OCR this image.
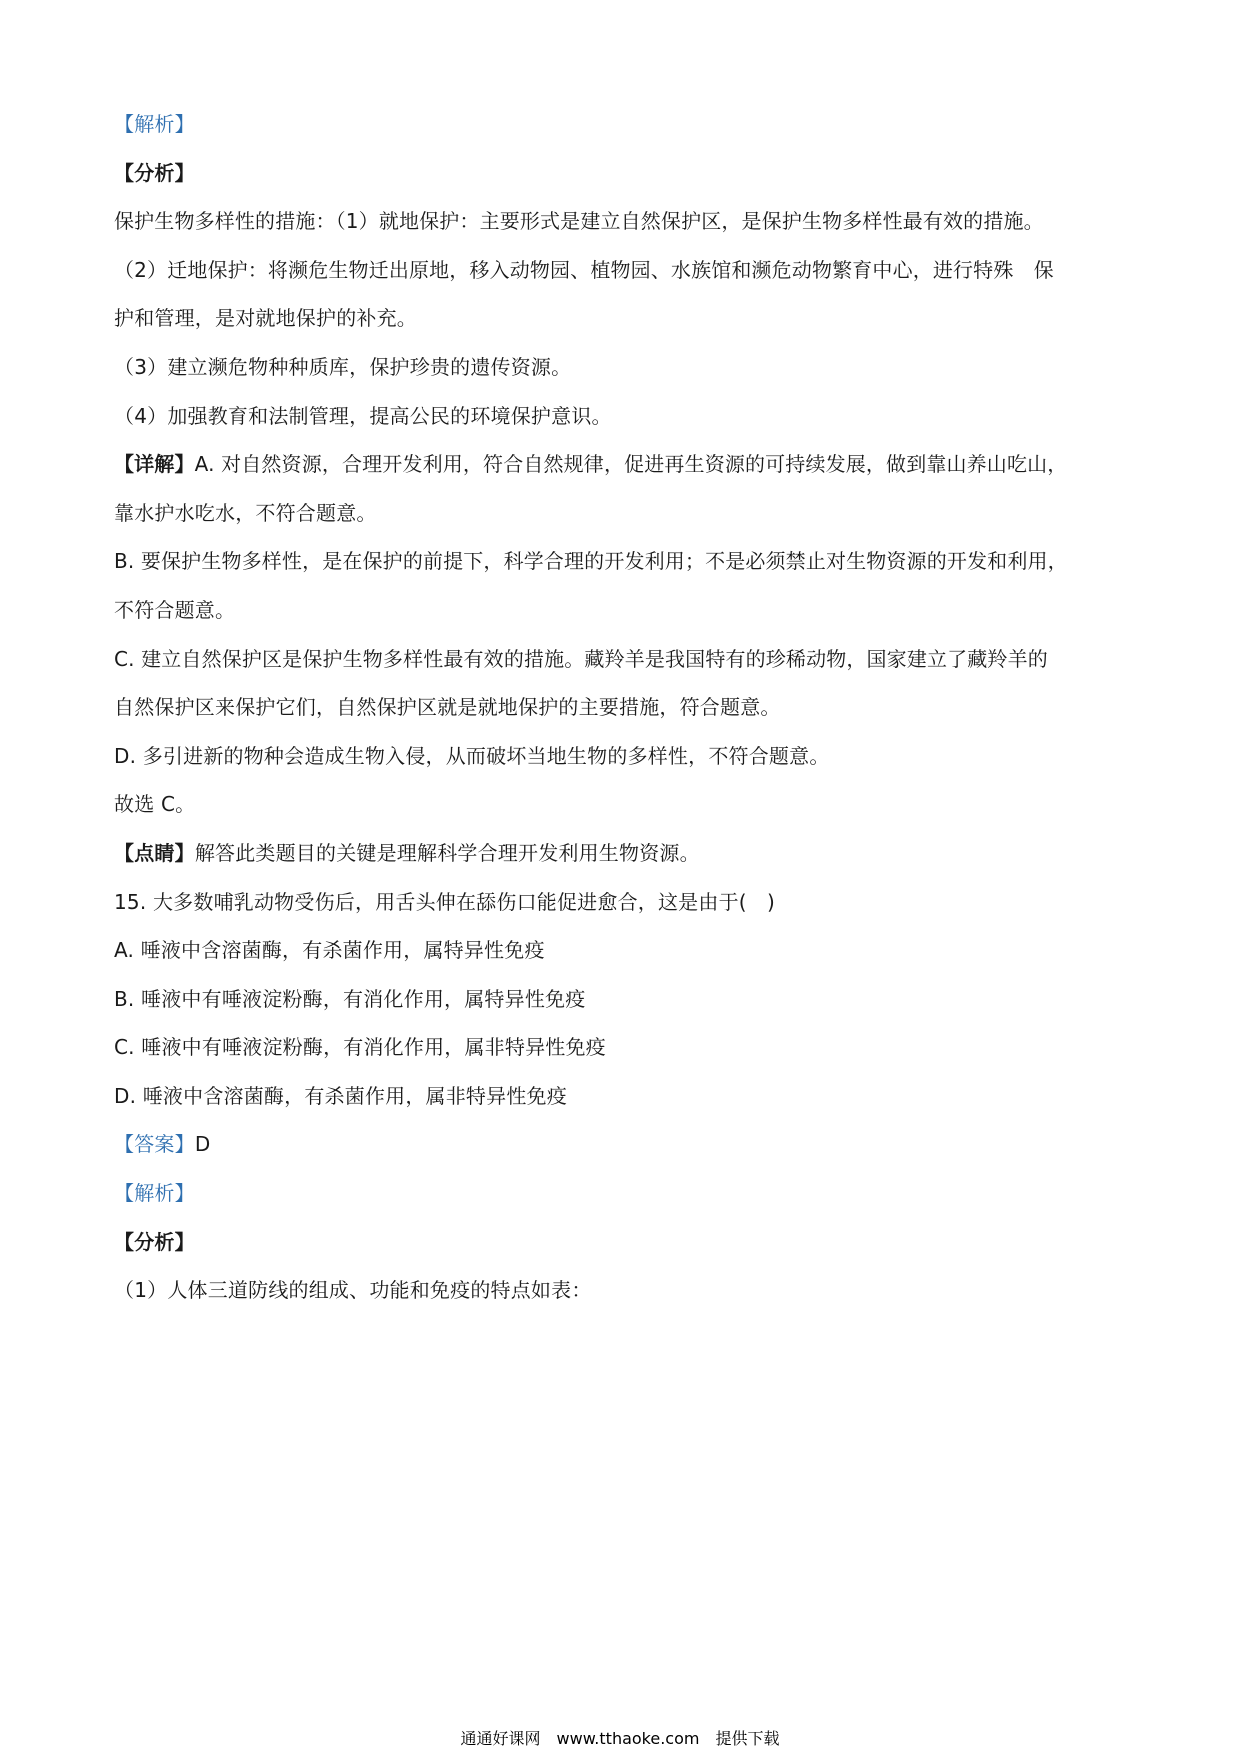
【解析】
【分析】
保护生物多样性的措施：（1）就地保护：主要形式是建立自然保护区，是保护生物多样性最有效的措施。
（2）迁地保护：将濒危生物迁出原地，移入动物园、植物园、水族馆和濒危动物繁育中心，进行特殊　保
护和管理，是对就地保护的补充。
（3）建立濒危物种种质库，保护珍贵的遗传资源。
（4）加强教育和法制管理，提高公民的环境保护意识。
【详解】A. 对自然资源，合理开发利用，符合自然规律，促进再生资源的可持续发展，做到靠山养山吃山，
靠水护水吃水，不符合题意。
B. 要保护生物多样性，是在保护的前提下，科学合理的开发利用；不是必须禁止对生物资源的开发和利用，
不符合题意。
C. 建立自然保护区是保护生物多样性最有效的措施。藏羚羊是我国特有的珍稀动物，国家建立了藏羚羊的
自然保护区来保护它们，自然保护区就是就地保护的主要措施，符合题意。
D. 多引进新的物种会造成生物入侵，从而破坏当地生物的多样性，不符合题意。
故选 C。
【点睛】解答此类题目的关键是理解科学合理开发利用生物资源。
15. 大多数哺乳动物受伤后，用舌头伸在舔伤口能促进愈合，这是由于(　)
A. 唾液中含溶菌酶，有杀菌作用，属特异性免疫
B. 唾液中有唾液淀粉酶，有消化作用，属特异性免疫
C. 唾液中有唾液淀粉酶，有消化作用，属非特异性免疫
D. 唾液中含溶菌酶，有杀菌作用，属非特异性免疫
【答案】D
【解析】
【分析】
（1）人体三道防线的组成、功能和免疫的特点如表：
通通好课网　www.tthaoke.com　提供下载
